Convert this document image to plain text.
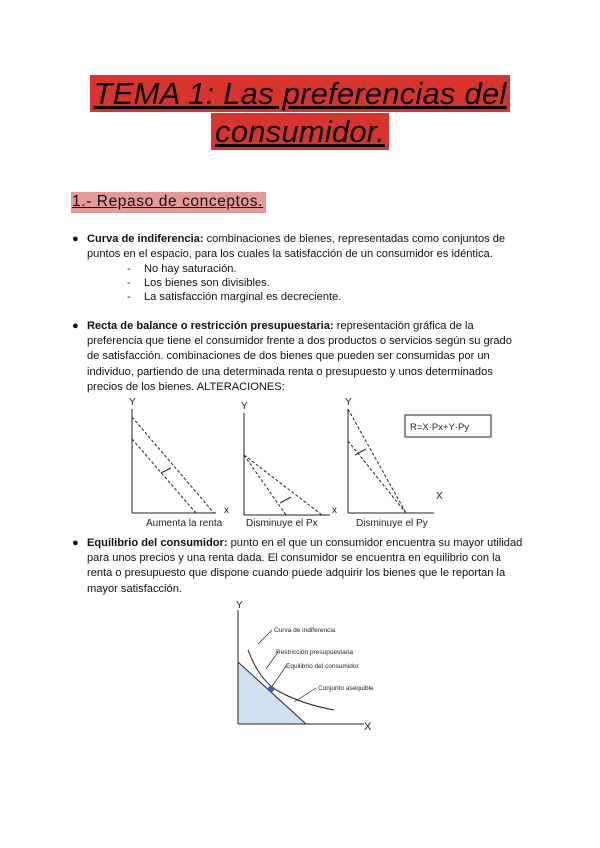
TEMA 1: Las preferencias del
consumidor.
1.- Repaso de conceptos.
● Curva de indiferencia: combinaciones de bienes, representadas como conjuntos de puntos en el espacio, para los cuales la satisfacción de un consumidor es idéntica.

- No hay saturación.
- Los bienes son divisibles.
- La satisfacción marginal es decreciente.
● Recta de balance o restricción presupuestaria: representación gráfica de la preferencia que tiene el consumidor frente a dos productos o servicios según su grado de satisfacción. combinaciones de dos bienes que pueden ser consumidas por un individuo, partiendo de una determinada renta o presupuesto y unos determinados precios de los bienes. ALTERACIONES:

Y
x
Aumenta la renta
Y
x
Disminuye el Px
Y
X
Disminuye el Py
R=X·Px+Y·Py
● Equilibrio del consumidor: punto en el que un consumidor encuentra su mayor utilidad para unos precios y una renta dada. El consumidor se encuentra en equilibrio con la renta o presupuesto que dispone cuando puede adquirir los bienes que le reportan la mayor satisfacción.

Y
X
Curva de indiferencia
Restricción presupuestaria
Equilibrio del consumidor
Conjunto asequible
